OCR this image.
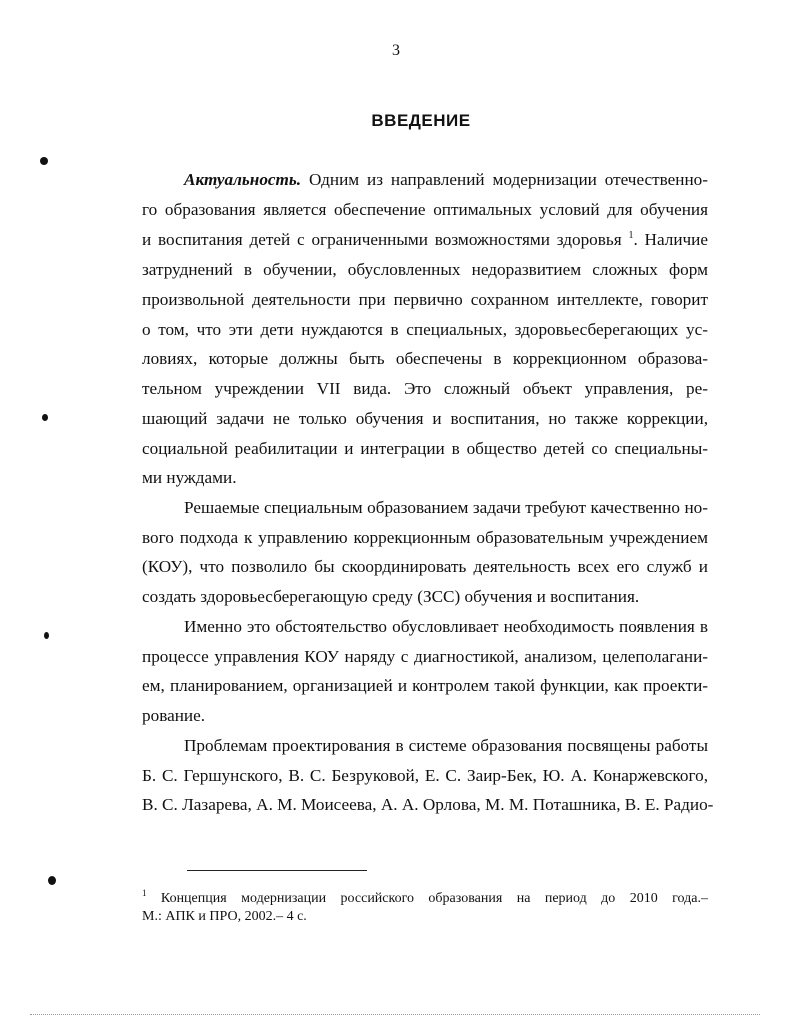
3
ВВЕДЕНИЕ
Актуальность. Одним из направлений модернизации отечественно-
го образования является обеспечение оптимальных условий для обучения
и воспитания детей с ограниченными возможностями здоровья $^1$. Наличие
затруднений в обучении, обусловленных недоразвитием сложных форм
произвольной деятельности при первично сохранном интеллекте, говорит
о том, что эти дети нуждаются в специальных, здоровьесберегающих ус-
ловиях, которые должны быть обеспечены в коррекционном образова-
тельном учреждении VII вида. Это сложный объект управления, ре-
шающий задачи не только обучения и воспитания, но также коррекции,
социальной реабилитации и интеграции в общество детей со специальны-
ми нуждами.
Решаемые специальным образованием задачи требуют качественно но-
вого подхода к управлению коррекционным образовательным учреждением
(КОУ), что позволило бы скоординировать деятельность всех его служб и
создать здоровьесберегающую среду (ЗСС) обучения и воспитания.
Именно это обстоятельство обусловливает необходимость появления в
процессе управления КОУ наряду с диагностикой, анализом, целеполагани-
ем, планированием, организацией и контролем такой функции, как проекти-
рование.
Проблемам проектирования в системе образования посвящены работы
Б. С. Гершунского, В. С. Безруковой, Е. С. Заир-Бек, Ю. А. Конаржевского,
В. С. Лазарева, А. М. Моисеева, А. А. Орлова, М. М. Поташника, В. Е. Радио-
$^1$ Концепция модернизации российского образования на период до 2010 года.–
М.: АПК и ПРО, 2002.– 4 с.
